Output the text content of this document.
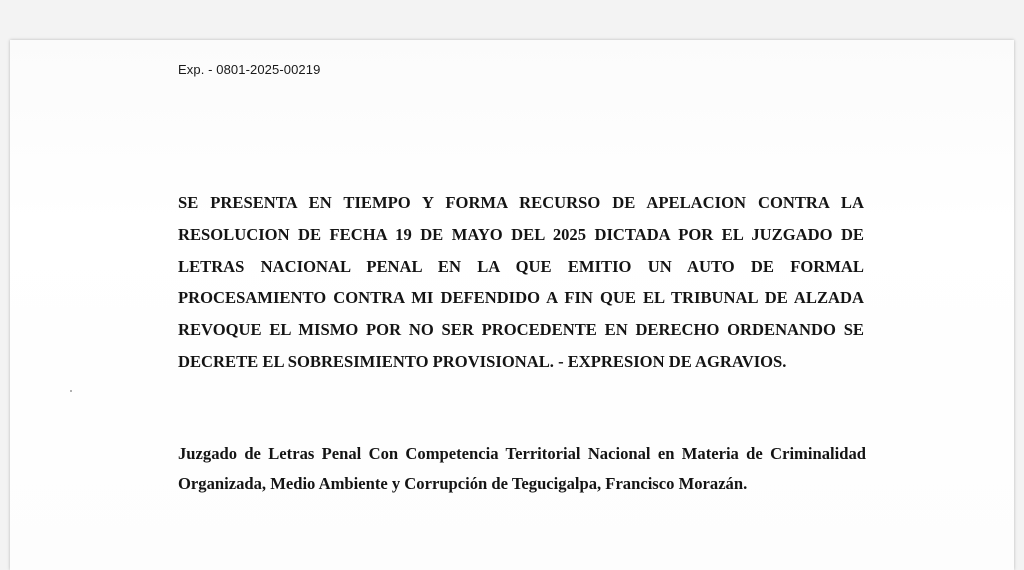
Exp. - 0801-2025-00219

SE PRESENTA EN TIEMPO Y FORMA RECURSO DE APELACION CONTRA LA RESOLUCION DE FECHA 19 DE MAYO DEL 2025 DICTADA POR EL JUZGADO DE LETRAS NACIONAL PENAL EN LA QUE EMITIO UN AUTO DE FORMAL PROCESAMIENTO CONTRA MI DEFENDIDO A FIN QUE EL TRIBUNAL DE ALZADA REVOQUE EL MISMO POR NO SER PROCEDENTE EN DERECHO ORDENANDO SE DECRETE EL SOBRESIMIENTO PROVISIONAL. - EXPRESION DE AGRAVIOS.

Juzgado de Letras Penal Con Competencia Territorial Nacional en Materia de Criminalidad Organizada, Medio Ambiente y Corrupción de Tegucigalpa, Francisco Morazán.
